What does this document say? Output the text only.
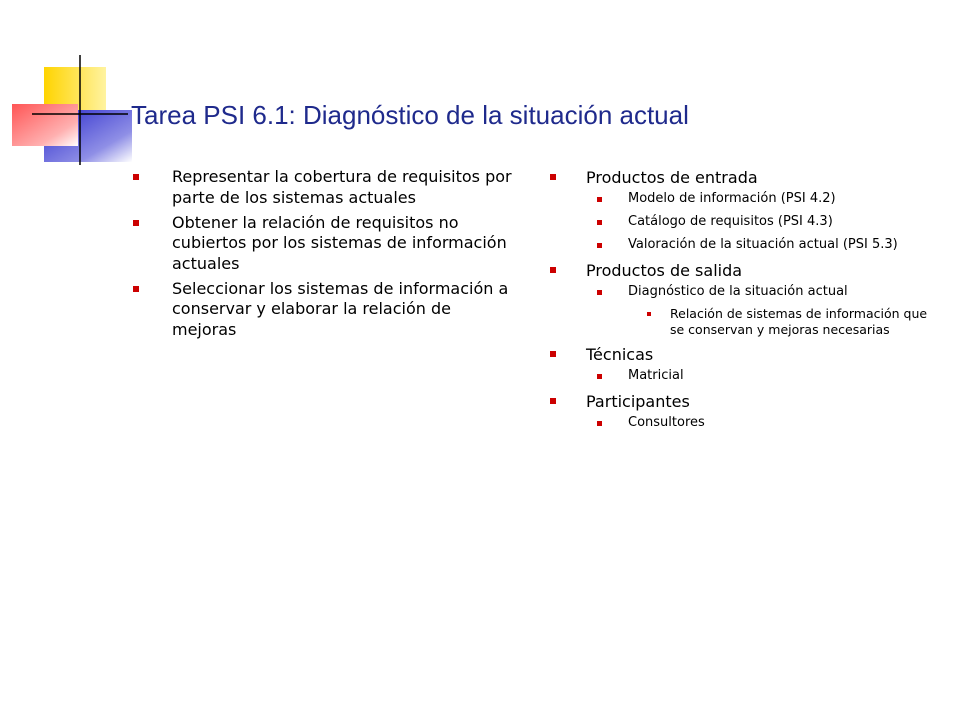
Tarea PSI 6.1: Diagnóstico de la situación actual
Representar la cobertura de requisitos por parte de los sistemas actuales
Obtener la relación de requisitos no cubiertos por los sistemas de información actuales
Seleccionar los sistemas de información a conservar y elaborar la relación de mejoras
Productos de entrada
Modelo de información (PSI 4.2)
Catálogo de requisitos (PSI 4.3)
Valoración de la situación actual (PSI 5.3)
Productos de salida
Diagnóstico de la situación actual
Relación de sistemas de información que se conservan y mejoras necesarias
Técnicas
Matricial
Participantes
Consultores
